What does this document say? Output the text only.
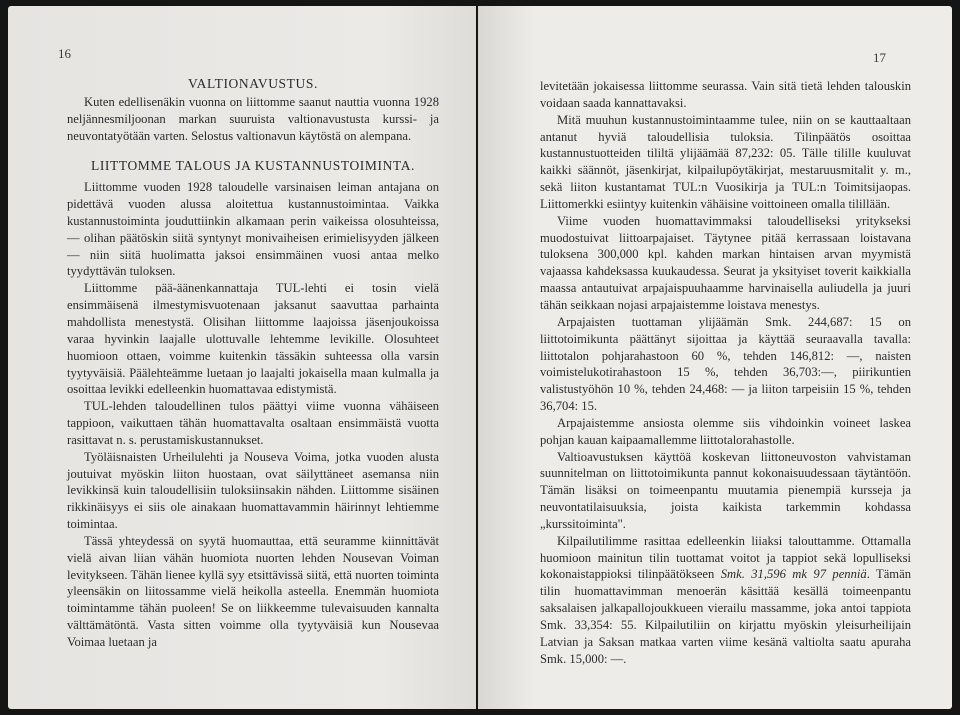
16
VALTIONAVUSTUS.

Kuten edellisenäkin vuonna on liittomme saanut nauttia vuonna 1928 neljännesmiljoonan markan suuruista valtionavustusta kurssi- ja neuvontatyötään varten. Selostus valtionavun käytöstä on alempana.

LIITTOMME TALOUS JA KUSTANNUSTOIMINTA.

Liittomme vuoden 1928 taloudelle varsinaisen leiman antajana on pidettävä vuoden alussa aloitettua kustannustoimintaa. Vaikka kustannustoiminta jouduttiinkin alkamaan perin vaikeissa olosuhteissa, — olihan päätöskin siitä syntynyt monivaiheisen erimielisyyden jälkeen — niin siitä huolimatta jaksoi ensimmäinen vuosi antaa melko tyydyttävän tuloksen.

Liittomme pää-äänenkannattaja TUL-lehti ei tosin vielä ensimmäisenä ilmestymisvuotenaan jaksanut saavuttaa parhainta mahdollista menestystä. Olisihan liittomme laajoissa jäsenjoukoissa varaa hyvinkin laajalle ulottuvalle lehtemme levikille. Olosuhteet huomioon ottaen, voimme kuitenkin tässäkin suhteessa olla varsin tyytyväisiä. Päälehteämme luetaan jo laajalti jokaisella maan kulmalla ja osoittaa levikki edelleenkin huomattavaa edistymistä.

TUL-lehden taloudellinen tulos päättyi viime vuonna vähäiseen tappioon, vaikuttaen tähän huomattavalta osaltaan ensimmäistä vuotta rasittavat n. s. perustamiskustannukset.

Työläisnaisten Urheilulehti ja Nouseva Voima, jotka vuoden alusta joutuivat myöskin liiton huostaan, ovat säilyttäneet asemansa niin levikkinsä kuin taloudellisiin tuloksiinsakin nähden. Liittomme sisäinen rikkinäisyys ei siis ole ainakaan huomattavammin häirinnyt lehtiemme toimintaa.

Tässä yhteydessä on syytä huomauttaa, että seuramme kiinnittävät vielä aivan liian vähän huomiota nuorten lehden Nousevan Voiman levitykseen. Tähän lienee kyllä syy etsittävissä siitä, että nuorten toiminta yleensäkin on liitossamme vielä heikolla asteella. Enemmän huomiota toimintamme tähän puoleen! Se on liikkeemme tulevaisuuden kannalta välttämätöntä. Vasta sitten voimme olla tyytyväisiä kun Nousevaa Voimaa luetaan ja

17

levitetään jokaisessa liittomme seurassa. Vain sitä tietä lehden talouskin voidaan saada kannattavaksi.

Mitä muuhun kustannustoimintaamme tulee, niin on se kauttaaltaan antanut hyviä taloudellisia tuloksia. Tilinpäätös osoittaa kustannustuotteiden tililtä ylijäämää 87,232: 05. Tälle tilille kuuluvat kaikki säännöt, jäsenkirjat, kilpailupöytäkirjat, mestaruusmitalit y. m., sekä liiton kustantamat TUL:n Vuosikirja ja TUL:n Toimitsijaopas. Liittomerkki esiintyy kuitenkin vähäisine voittoineen omalla tilillään.

Viime vuoden huomattavimmaksi taloudelliseksi yritykseksi muodostuivat liittoarpajaiset. Täytynee pitää kerrassaan loistavana tuloksena 300,000 kpl. kahden markan hintaisen arvan myymistä vajaassa kahdeksassa kuukaudessa. Seurat ja yksityiset toverit kaikkialla maassa antautuivat arpajaispuuhaamme harvinaisella auliudella ja juuri tähän seikkaan nojasi arpajaistemme loistava menestys.

Arpajaisten tuottaman ylijäämän Smk. 244,687: 15 on liittotoimikunta päättänyt sijoittaa ja käyttää seuraavalla tavalla: liittotalon pohjarahastoon 60 %, tehden 146,812: —, naisten voimistelukotirahastoon 15 %, tehden 36,703:—, piirikuntien valistustyöhön 10 %, tehden 24,468: — ja liiton tarpeisiin 15 %, tehden 36,704: 15.

Arpajaistemme ansiosta olemme siis vihdoinkin voineet laskea pohjan kauan kaipaamallemme liittotalorahastolle.

Valtioavustuksen käyttöä koskevan liittoneuvoston vahvistaman suunnitelman on liittotoimikunta pannut kokonaisuudessaan täytäntöön. Tämän lisäksi on toimeenpantu muutamia pienempiä kursseja ja neuvontatilaisuuksia, joista kaikista tarkemmin kohdassa „kurssitoiminta".

Kilpailutilimme rasittaa edelleenkin liiaksi talouttamme. Ottamalla huomioon mainitun tilin tuottamat voitot ja tappiot sekä lopulliseksi kokonaistappioksi tilinpäätökseen Smk. 31,596 mk 97 penniä. Tämän tilin huomattavimman menoerän käsittää kesällä toimeenpantu saksalaisen jalkapallojoukkueen vierailu massamme, joka antoi tappiota Smk. 33,354: 55. Kilpailutiliin on kirjattu myöskin yleisurheilijain Latvian ja Saksan matkaa varten viime kesänä valtiolta saatu apuraha Smk. 15,000: —.
